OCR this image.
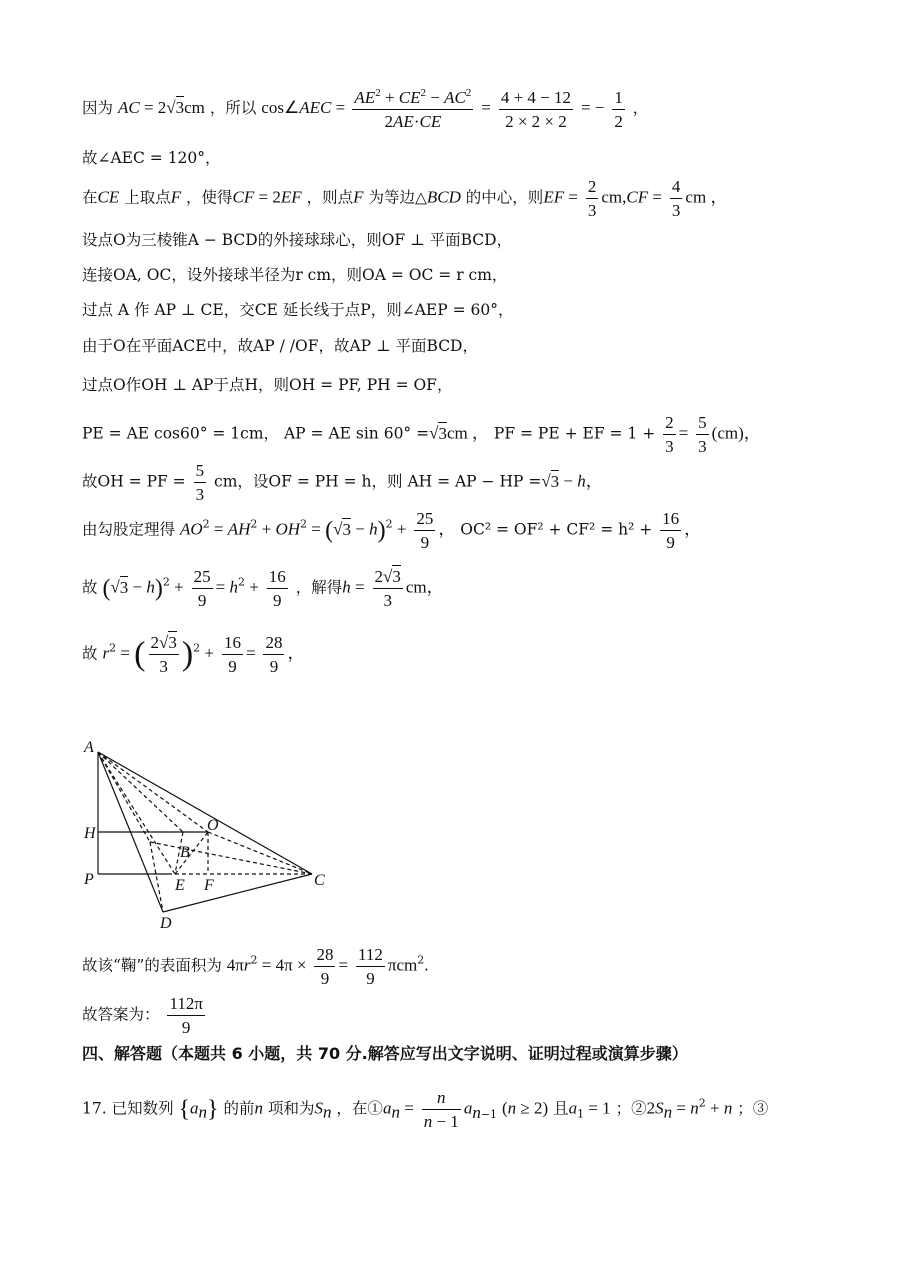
因为 AC = 2√3cm ，所以 cos∠AEC = $\frac{AE^2 + CE^2 - AC^2}{2AE\cdot CE} = \frac{4 + 4 - 12}{2 \times 2 \times 2}$ = − $\frac{1}{2}$ ，
故∠AEC = 120°，
在CE 上取点F ，使得CF = 2EF ，则点F 为等边△BCD 的中心，则EF = $\frac{2}{3} cm,CF = \frac{4}{3}$ cm ，
设点O为三棱锥A − BCD的外接球球心，则OF ⊥ 平面BCD，
连接OA, OC，设外接球半径为r cm，则OA = OC = r cm，
过点 A 作 AP ⊥ CE，交CE 延长线于点P，则∠AEP = 60°，
由于O在平面ACE中，故AP / /OF，故AP ⊥ 平面BCD，
过点O作OH ⊥ AP于点H，则OH = PF, PH = OF，
PE = AE cos60° = 1cm， AP = AE sin 60° =√3cm ， PF = PE + EF = $1 + \frac{2}{3} = \frac{5}{3} (cm)$，
故OH = PF = $\frac{5}{3}$ cm，设OF = PH = h，则 AH = AP − HP =√3 − h，
由勾股定理得 $AO^2 = AH^2 + OH^2 = (√3 - h)^2 + \frac{25}{9}$ ， $OC^2 = OF^2 + CF^2 = h^2 + \frac{16}{9}$ ，
故 $(√3 - h)^2 + \frac{25}{9} = h^2 + \frac{16}{9}$ ，解得$h = \frac{2√3}{3}$ cm，
故 $r^2$ = ( $\frac{2√3}{3} )^2 + \frac{16}{9} = \frac{28}{9}$ ，
A
H
P
O
B
E F	C
D
故该“鞠”的表面积为 $4\pi r^2 = 4\pi \times \frac{28}{9} = \frac{112}{9} \pi cm^2$.
故答案为： $\frac{112\pi}{9}$
四、解答题（本题共 6 小题，共 70 分.解答应写出文字说明、证明过程或演算步骤）
17. 已知数列 $\{a_n\}$ 的前n 项和为$S_n$ ，在$①a_n = \frac{n}{n - 1} a_{n-1}$ (n ≥ 2) 且$a_1 = 1$ ；$②2S_n = n^2 + n$ ；③
